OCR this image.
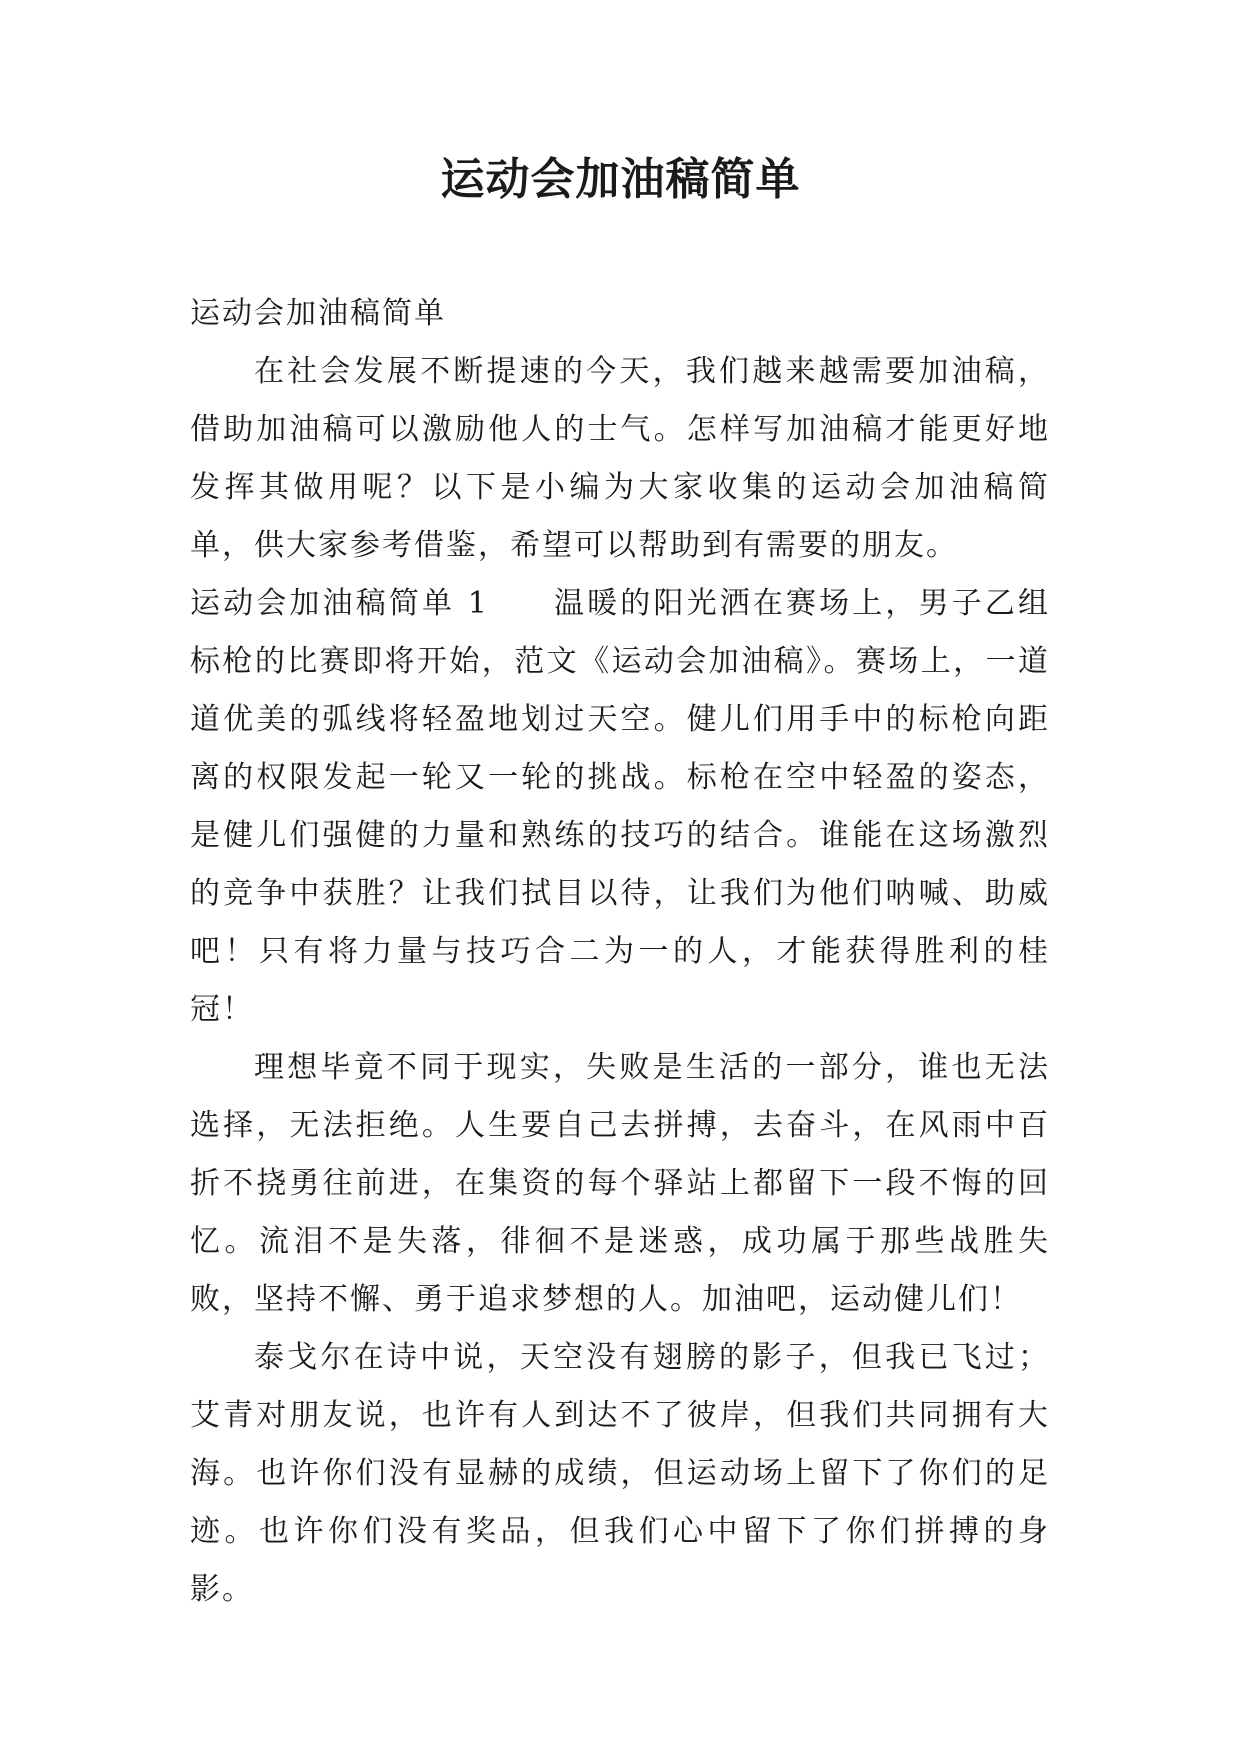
运动会加油稿简单

运动会加油稿简单

在社会发展不断提速的今天，我们越来越需要加油稿，借助加油稿可以激励他人的士气。怎样写加油稿才能更好地发挥其做用呢？以下是小编为大家收集的运动会加油稿简单，供大家参考借鉴，希望可以帮助到有需要的朋友。

运动会加油稿简单 1 温暖的阳光洒在赛场上，男子乙组标枪的比赛即将开始，范文《运动会加油稿》。赛场上，一道道优美的弧线将轻盈地划过天空。健儿们用手中的标枪向距离的权限发起一轮又一轮的挑战。标枪在空中轻盈的姿态，是健儿们强健的力量和熟练的技巧的结合。谁能在这场激烈的竞争中获胜？让我们拭目以待，让我们为他们呐喊、助威吧！只有将力量与技巧合二为一的人，才能获得胜利的桂冠！

理想毕竟不同于现实，失败是生活的一部分，谁也无法选择，无法拒绝。人生要自己去拼搏，去奋斗，在风雨中百折不挠勇往前进，在集资的每个驿站上都留下一段不悔的回忆。流泪不是失落，徘徊不是迷惑，成功属于那些战胜失败，坚持不懈、勇于追求梦想的人。加油吧，运动健儿们！

泰戈尔在诗中说，天空没有翅膀的影子，但我已飞过；艾青对朋友说，也许有人到达不了彼岸，但我们共同拥有大海。也许你们没有显赫的成绩，但运动场上留下了你们的足迹。也许你们没有奖品，但我们心中留下了你们拼搏的身影。
